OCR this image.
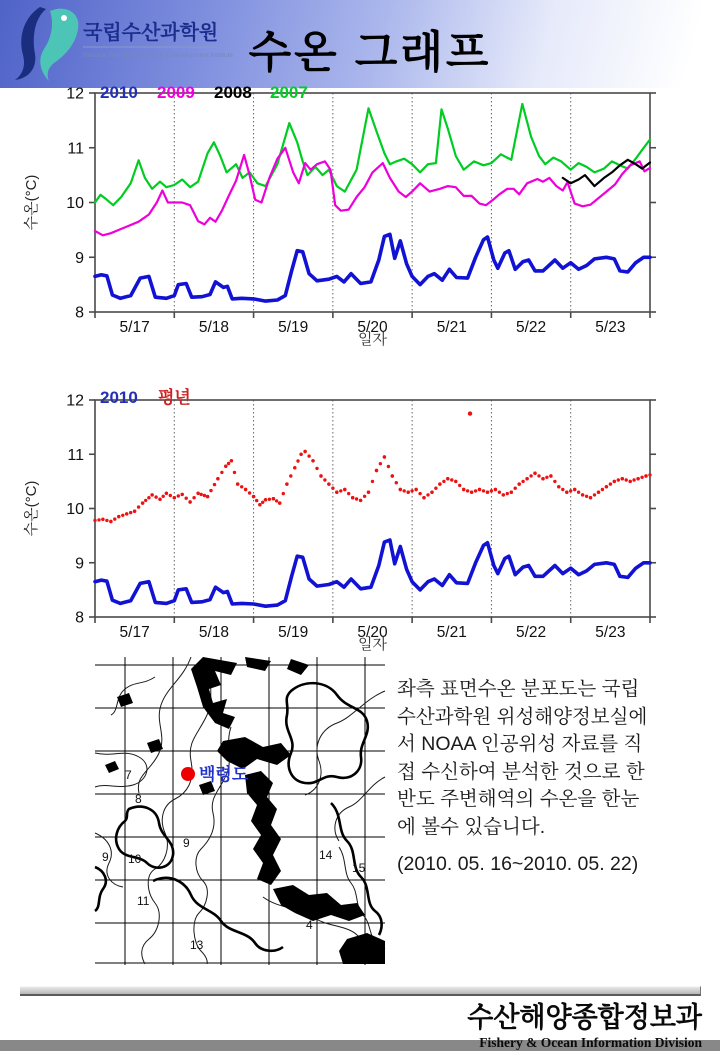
국립수산과학원
National Fisheries Research & Development Institute 수온 그래프
8
9
10
11
12
5/17	5/18	5/19	5/20	5/21	5/22	5/23
2010 2009 2008 2007
수온(°C)
일자
8
9
10
11
12
5/17	5/18	5/19	5/20	5/21	5/22	5/23
2010 평년
수온(°C)
일자
7
8
9
9 10
11
13
14
15
4
백령도
좌측 표면수온 분포도는 국립
수산과학원 위성해양정보실에
서 NOAA 인공위성 자료를 직
접 수신하여 분석한 것으로 한
반도 주변해역의 수온을 한눈
에 볼수 있습니다.
(2010. 05. 16~2010. 05. 22)
수산해양종합정보과
Fishery & Ocean Information Division
